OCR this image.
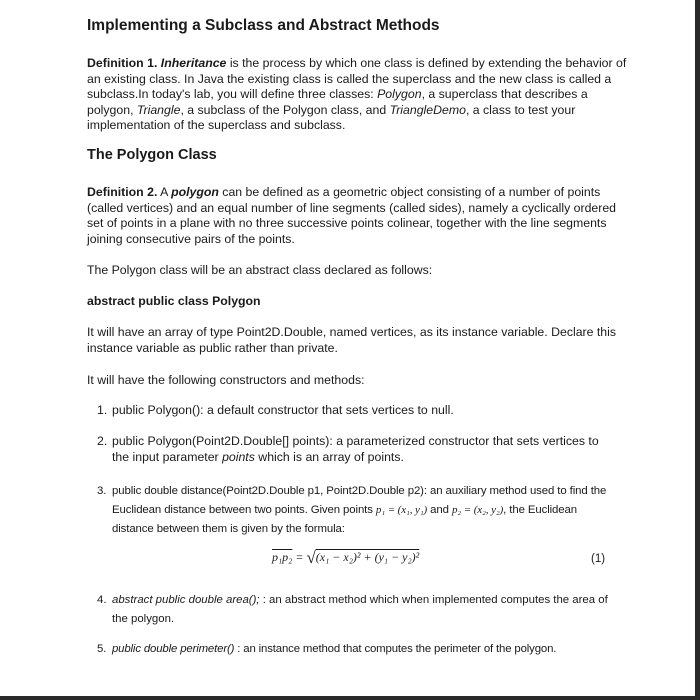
Implementing a Subclass and Abstract Methods
Definition 1. Inheritance is the process by which one class is defined by extending the behavior of an existing class. In Java the existing class is called the superclass and the new class is called a subclass.In today's lab, you will define three classes: Polygon, a superclass that describes a polygon, Triangle, a subclass of the Polygon class, and TriangleDemo, a class to test your implementation of the superclass and subclass.
The Polygon Class
Definition 2. A polygon can be defined as a geometric object consisting of a number of points (called vertices) and an equal number of line segments (called sides), namely a cyclically ordered set of points in a plane with no three successive points colinear, together with the line segments joining consecutive pairs of the points.
The Polygon class will be an abstract class declared as follows:
abstract public class Polygon
It will have an array of type Point2D.Double, named vertices, as its instance variable. Declare this instance variable as public rather than private.
It will have the following constructors and methods:
1. public Polygon(): a default constructor that sets vertices to null.
2. public Polygon(Point2D.Double[] points): a parameterized constructor that sets vertices to the input parameter points which is an array of points.
3. public double distance(Point2D.Double p1, Point2D.Double p2): an auxiliary method used to find the Euclidean distance between two points. Given points p₁ = (x₁, y₁) and p₂ = (x₂, y₂), the Euclidean distance between them is given by the formula:
p₁p₂ = √(x₁ − x₂)² + (y₁ − y₂)²	(1)
4. abstract public double area(); : an abstract method which when implemented computes the area of the polygon.
5. public double perimeter() : an instance method that computes the perimeter of the polygon.
